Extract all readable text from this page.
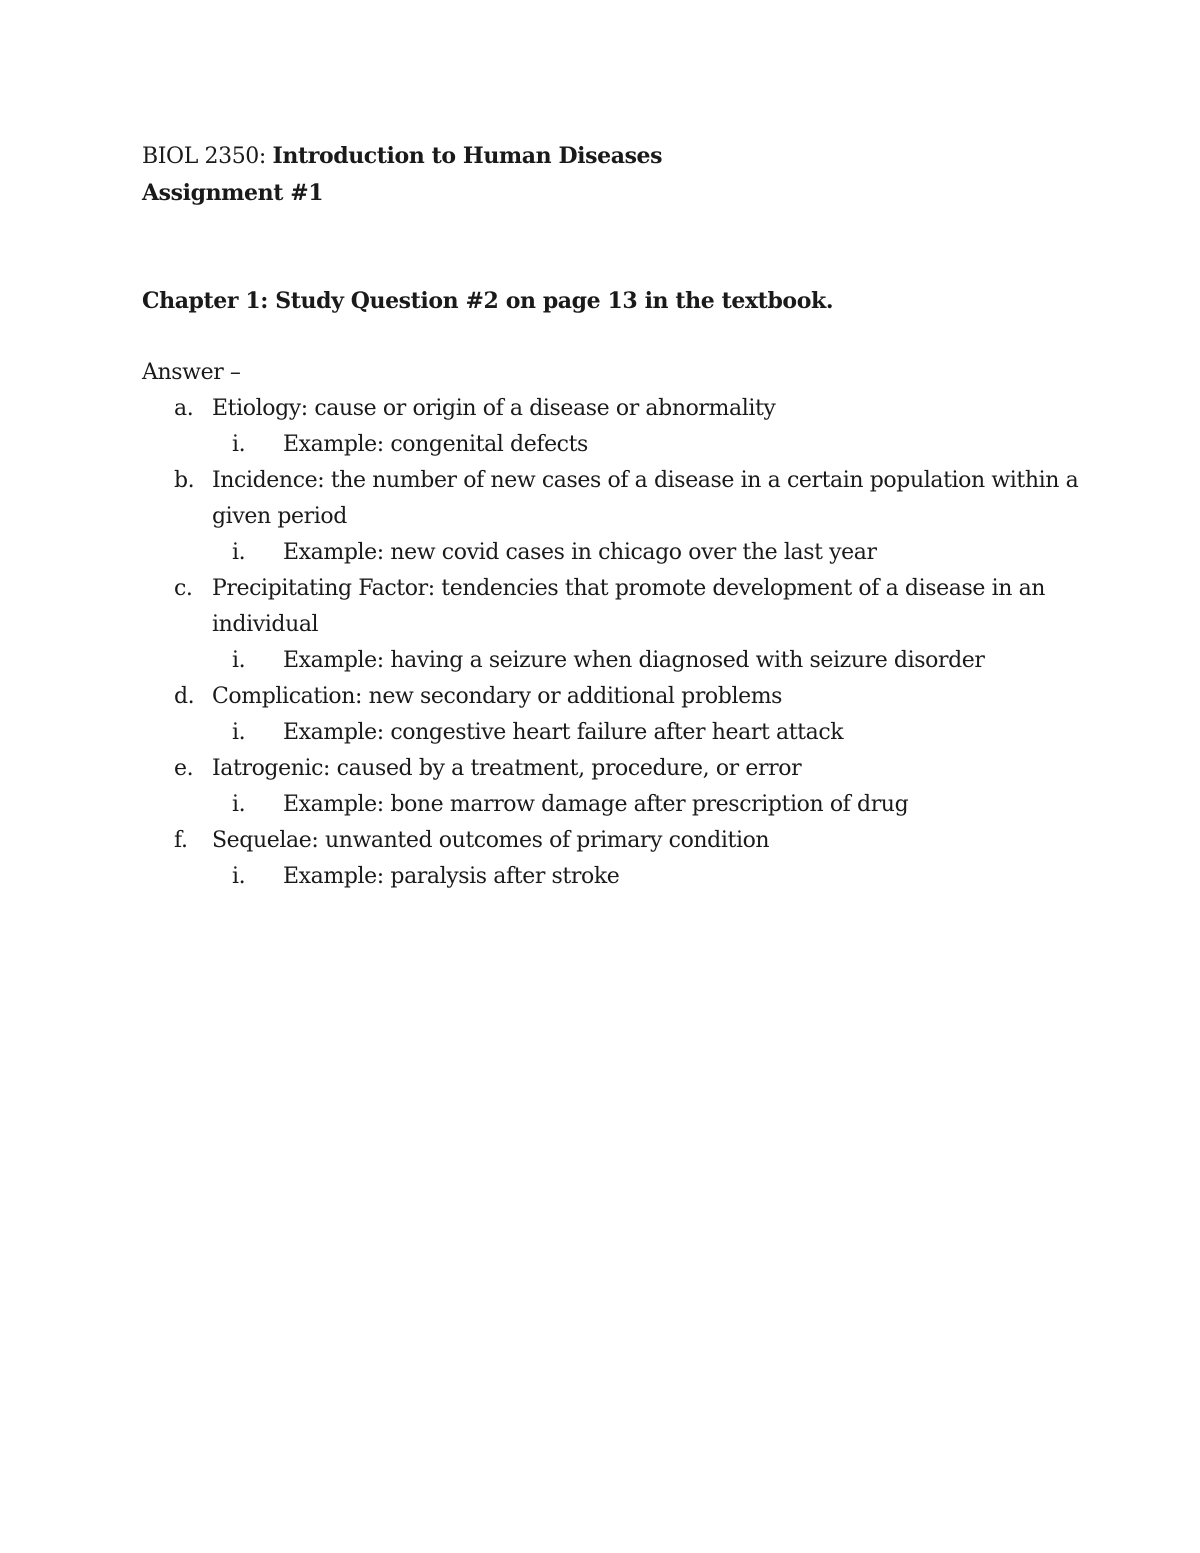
BIOL 2350: Introduction to Human Diseases

Assignment #1

Chapter 1: Study Question #2 on page 13 in the textbook.

Answer –

a. Etiology: cause or origin of a disease or abnormality
i. Example: congenital defects
b. Incidence: the number of new cases of a disease in a certain population within a given period
i. Example: new covid cases in chicago over the last year
c. Precipitating Factor: tendencies that promote development of a disease in an individual
i. Example: having a seizure when diagnosed with seizure disorder
d. Complication: new secondary or additional problems
i. Example: congestive heart failure after heart attack
e. Iatrogenic: caused by a treatment, procedure, or error
i. Example: bone marrow damage after prescription of drug
f. Sequelae: unwanted outcomes of primary condition
i. Example: paralysis after stroke
